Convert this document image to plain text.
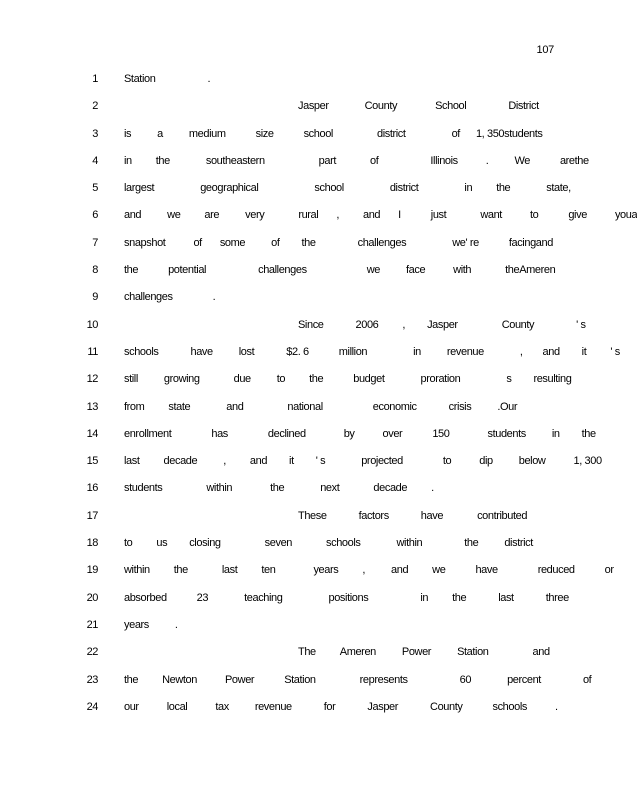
107
1 Station	.
2	Jasper	County	School	District
3 is a medium	size	school	district	of 1, 350students
4 in the	southeastern	part	of	Illinois	. We	arethe
5 largest	geographical	school	district	in the	state,
6 and we are very	rural , and I	just	want	to	give	youa
7 snapshot	of some of the	challenges	we' re	facingand
8 the	potential	challenges	we face	with	theAmeren
9 challenges	.
10	Since	2006 , Jasper	County	' s
11 schools	have lost	$2. 6	million	in revenue	, and it ' s
12 still growing	due to the	budget	proration	s resulting
13 from state	and	national	economic	crisis .Our
14 enrollment	has	declined	by	over	150	students in the
15 last decade , and it ' s	projected	to	dip below	1, 300
16 students	within	the	next	decade .
17	These	factors	have	contributed
18 to us closing	seven	schools	within	the district
19 within the	last ten	years , and we	have	reduced	or
20 absorbed	23	teaching	positions	in the	last	three
21 years .
22	The Ameren Power Station	and
23 the Newton	Power	Station	represents	60	percent	of
24 our	local	tax revenue	for	Jasper	County	schools	.
